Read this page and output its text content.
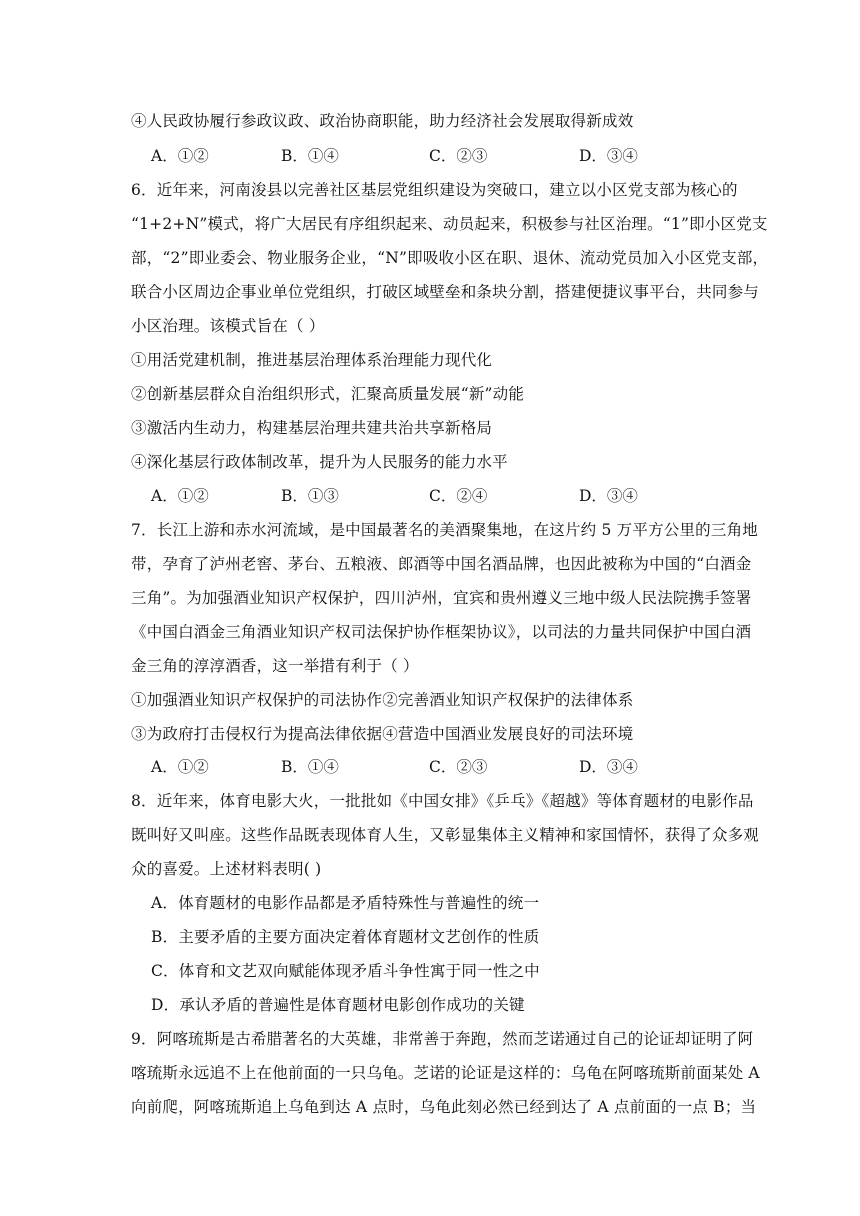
④人民政协履行参政议政、政治协商职能，助力经济社会发展取得新成效
A．①②	B．①④	C．②③	D．③④
6．近年来，河南浚县以完善社区基层党组织建设为突破口，建立以小区党支部为核心的
“1+2+N”模式，将广大居民有序组织起来、动员起来，积极参与社区治理。“1”即小区党支
部，“2”即业委会、物业服务企业，“N”即吸收小区在职、退休、流动党员加入小区党支部，
联合小区周边企事业单位党组织，打破区域壁垒和条块分割，搭建便捷议事平台，共同参与
小区治理。该模式旨在（ ）
①用活党建机制，推进基层治理体系治理能力现代化
②创新基层群众自治组织形式，汇聚高质量发展“新”动能
③激活内生动力，构建基层治理共建共治共享新格局
④深化基层行政体制改革，提升为人民服务的能力水平
A．①②	B．①③	C．②④	D．③④
7．长江上游和赤水河流域，是中国最著名的美酒聚集地，在这片约 5 万平方公里的三角地
带，孕育了泸州老窖、茅台、五粮液、郎酒等中国名酒品牌，也因此被称为中国的“白酒金
三角”。为加强酒业知识产权保护，四川泸州，宜宾和贵州遵义三地中级人民法院携手签署
《中国白酒金三角酒业知识产权司法保护协作框架协议》，以司法的力量共同保护中国白酒
金三角的淳淳酒香，这一举措有利于（ ）
①加强酒业知识产权保护的司法协作②完善酒业知识产权保护的法律体系
③为政府打击侵权行为提高法律依据④营造中国酒业发展良好的司法环境
A．①②	B．①④	C．②③	D．③④
8．近年来，体育电影大火，一批批如《中国女排》《乒乓》《超越》等体育题材的电影作品
既叫好又叫座。这些作品既表现体育人生，又彰显集体主义精神和家国情怀，获得了众多观
众的喜爱。上述材料表明( )
A．体育题材的电影作品都是矛盾特殊性与普遍性的统一
B．主要矛盾的主要方面决定着体育题材文艺创作的性质
C．体育和文艺双向赋能体现矛盾斗争性寓于同一性之中
D．承认矛盾的普遍性是体育题材电影创作成功的关键
9．阿喀琉斯是古希腊著名的大英雄，非常善于奔跑，然而芝诺通过自己的论证却证明了阿
喀琉斯永远追不上在他前面的一只乌龟。芝诺的论证是这样的：乌龟在阿喀琉斯前面某处 A
向前爬，阿喀琉斯追上乌龟到达 A 点时，乌龟此刻必然已经到达了 A 点前面的一点 B；当
